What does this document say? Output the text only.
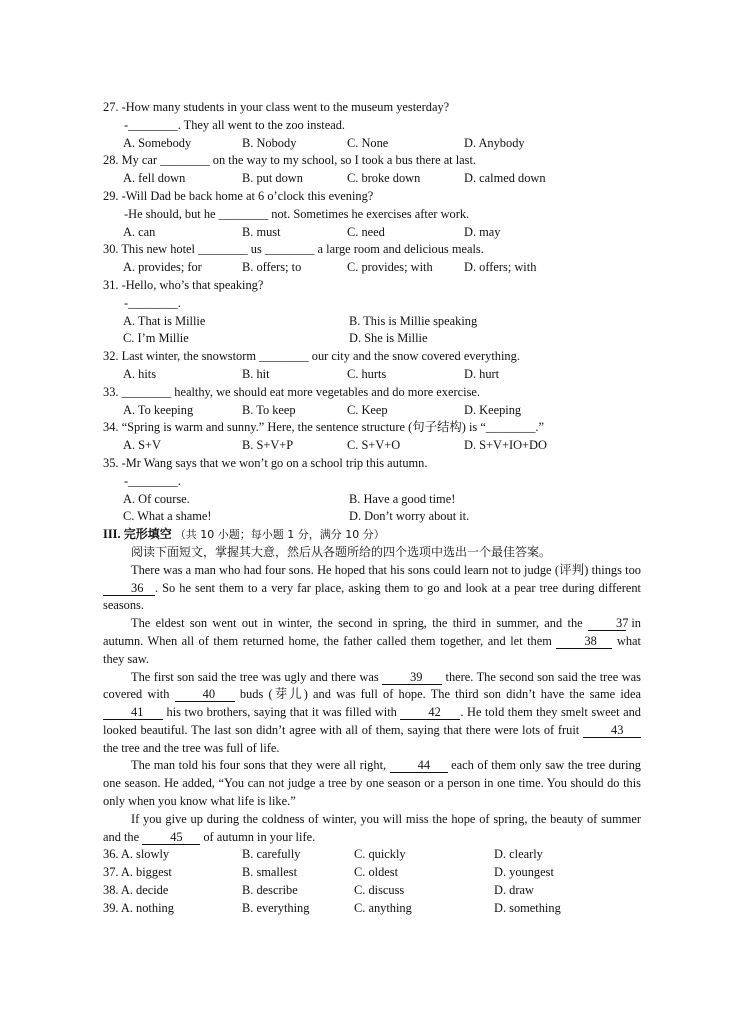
27. -How many students in your class went to the museum yesterday?
-________. They all went to the zoo instead.
A. Somebody	B. Nobody	C. None	D. Anybody
28. My car ________ on the way to my school, so I took a bus there at last.
A. fell down	B. put down	C. broke down	D. calmed down
29. -Will Dad be back home at 6 o’clock this evening?
-He should, but he ________ not. Sometimes he exercises after work.
A. can	B. must	C. need	D. may
30. This new hotel ________ us ________ a large room and delicious meals.
A. provides; for	B. offers; to	C. provides; with	D. offers; with
31. -Hello, who’s that speaking?
-________.
A. That is Millie	B. This is Millie speaking
C. I’m Millie	D. She is Millie
32. Last winter, the snowstorm ________ our city and the snow covered everything.
A. hits	B. hit	C. hurts	D. hurt
33. ________ healthy, we should eat more vegetables and do more exercise.
A. To keeping	B. To keep	C. Keep	D. Keeping
34. “Spring is warm and sunny.” Here, the sentence structure (句子结构) is “________.”
A. S+V	B. S+V+P	C. S+V+O	D. S+V+IO+DO
35. -Mr Wang says that we won’t go on a school trip this autumn.
-________.
A. Of course.	B. Have a good time!
C. What a shame!	D. Don’t worry about it.
III. 完形填空 （共 10 小题；每小题 1 分，满分 10 分）
阅读下面短文，掌握其大意，然后从各题所给的四个选项中选出一个最佳答案。

There was a man who had four sons. He hoped that his sons could learn not to judge (评判) things too 36 . So he sent them to a very far place, asking them to go and look at a pear tree during different seasons.

The eldest son went out in winter, the second in spring, the third in summer, and the 37 in autumn. When all of them returned home, the father called them together, and let them 38 what they saw.

The first son said the tree was ugly and there was 39 there. The second son said the tree was covered with 40 buds (芽儿) and was full of hope. The third son didn’t have the same idea 41 his two brothers, saying that it was filled with 42 . He told them they smelt sweet and looked beautiful. The last son didn’t agree with all of them, saying that there were lots of fruit 43 the tree and the tree was full of life.

The man told his four sons that they were all right, 44 each of them only saw the tree during one season. He added, “You can not judge a tree by one season or a person in one time. You should do this only when you know what life is like.”

If you give up during the coldness of winter, you will miss the hope of spring, the beauty of summer and the 45 of autumn in your life.

36. A. slowly	B. carefully	C. quickly	D. clearly
37. A. biggest	B. smallest	C. oldest	D. youngest
38. A. decide	B. describe	C. discuss	D. draw
39. A. nothing	B. everything	C. anything	D. something
